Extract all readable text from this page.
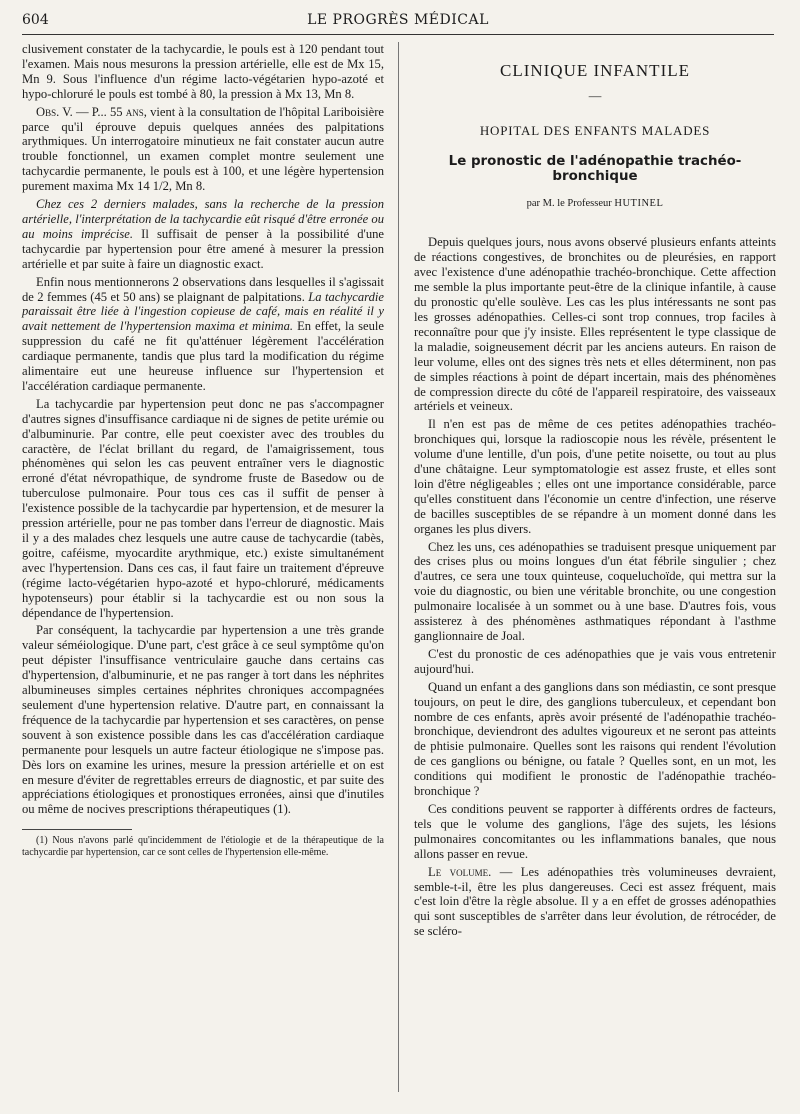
604	LE PROGRÈS MÉDICAL

clusivement constater de la tachycardie, le pouls est à 120 pendant tout l'examen. Mais nous mesurons la pression artérielle, elle est de Mx 15, Mn 9. Sous l'influence d'un régime lacto-végétarien hypo-azoté et hypo-chloruré le pouls est tombé à 80, la pression à Mx 13, Mn 8.

Obs. V. — P... 55 ans, vient à la consultation de l'hôpital Lariboisière parce qu'il éprouve depuis quelques années des palpitations arythmiques. Un interrogatoire minutieux ne fait constater aucun autre trouble fonctionnel, un examen complet montre seulement une tachycardie permanente, le pouls est à 100, et une légère hypertension purement maxima Mx 14 1/2, Mn 8.

Chez ces 2 derniers malades, sans la recherche de la pression artérielle, l'interprétation de la tachycardie eût risqué d'être erronée ou au moins imprécise. Il suffisait de penser à la possibilité d'une tachycardie par hypertension pour être amené à mesurer la pression artérielle et par suite à faire un diagnostic exact.

Enfin nous mentionnerons 2 observations dans lesquelles il s'agissait de 2 femmes (45 et 50 ans) se plaignant de palpitations. La tachycardie paraissait être liée à l'ingestion copieuse de café, mais en réalité il y avait nettement de l'hypertension maxima et minima. En effet, la seule suppression du café ne fit qu'atténuer légèrement l'accélération cardiaque permanente, tandis que plus tard la modification du régime alimentaire eut une heureuse influence sur l'hypertension et l'accélération cardiaque permanente.

La tachycardie par hypertension peut donc ne pas s'accompagner d'autres signes d'insuffisance cardiaque ni de signes de petite urémie ou d'albuminurie. Par contre, elle peut coexister avec des troubles du caractère, de l'éclat brillant du regard, de l'amaigrissement, tous phénomènes qui selon les cas peuvent entraîner vers le diagnostic erroné d'état névropathique, de syndrome fruste de Basedow ou de tuberculose pulmonaire. Pour tous ces cas il suffit de penser à l'existence possible de la tachycardie par hypertension, et de mesurer la pression artérielle, pour ne pas tomber dans l'erreur de diagnostic. Mais il y a des malades chez lesquels une autre cause de tachycardie (tabès, goitre, caféisme, myocardite arythmique, etc.) existe simultanément avec l'hypertension. Dans ces cas, il faut faire un traitement d'épreuve (régime lacto-végétarien hypo-azoté et hypo-chloruré, médicaments hypotenseurs) pour établir si la tachycardie est ou non sous la dépendance de l'hypertension.

Par conséquent, la tachycardie par hypertension a une très grande valeur séméiologique. D'une part, c'est grâce à ce seul symptôme qu'on peut dépister l'insuffisance ventriculaire gauche dans certains cas d'hypertension, d'albuminurie, et ne pas ranger à tort dans les néphrites albumineuses simples certaines néphrites chroniques accompagnées seulement d'une hypertension relative. D'autre part, en connaissant la fréquence de la tachycardie par hypertension et ses caractères, on pense souvent à son existence possible dans les cas d'accélération cardiaque permanente pour lesquels un autre facteur étiologique ne s'impose pas. Dès lors on examine les urines, mesure la pression artérielle et on est en mesure d'éviter de regrettables erreurs de diagnostic, et par suite des appréciations étiologiques et pronostiques erronées, ainsi que d'inutiles ou même de nocives prescriptions thérapeutiques (1).

(1) Nous n'avons parlé qu'incidemment de l'étiologie et de la thérapeutique de la tachycardie par hypertension, car ce sont celles de l'hypertension elle-même.

CLINIQUE INFANTILE

—

HOPITAL DES ENFANTS MALADES

Le pronostic de l'adénopathie trachéo-bronchique

par M. le Professeur HUTINEL

Depuis quelques jours, nous avons observé plusieurs enfants atteints de réactions congestives, de bronchites ou de pleurésies, en rapport avec l'existence d'une adénopathie trachéo-bronchique. Cette affection me semble la plus importante peut-être de la clinique infantile, à cause du pronostic qu'elle soulève. Les cas les plus intéressants ne sont pas les grosses adénopathies. Celles-ci sont trop connues, trop faciles à reconnaître pour que j'y insiste. Elles représentent le type classique de la maladie, soigneusement décrit par les anciens auteurs. En raison de leur volume, elles ont des signes très nets et elles déterminent, non pas de simples réactions à point de départ incertain, mais des phénomènes de compression directe du côté de l'appareil respiratoire, des vaisseaux artériels et veineux.

Il n'en est pas de même de ces petites adénopathies trachéo-bronchiques qui, lorsque la radioscopie nous les révèle, présentent le volume d'une lentille, d'un pois, d'une petite noisette, ou tout au plus d'une châtaigne. Leur symptomatologie est assez fruste, et elles sont loin d'être négligeables ; elles ont une importance considérable, parce qu'elles constituent dans l'économie un centre d'infection, une réserve de bacilles susceptibles de se répandre à un moment donné dans les organes les plus divers.

Chez les uns, ces adénopathies se traduisent presque uniquement par des crises plus ou moins longues d'un état fébrile singulier ; chez d'autres, ce sera une toux quinteuse, coqueluchoïde, qui mettra sur la voie du diagnostic, ou bien une véritable bronchite, ou une congestion pulmonaire localisée à un sommet ou à une base. D'autres fois, vous assisterez à des phénomènes asthmatiques répondant à l'asthme ganglionnaire de Joal.

C'est du pronostic de ces adénopathies que je vais vous entretenir aujourd'hui.

Quand un enfant a des ganglions dans son médiastin, ce sont presque toujours, on peut le dire, des ganglions tuberculeux, et cependant bon nombre de ces enfants, après avoir présenté de l'adénopathie trachéo-bronchique, deviendront des adultes vigoureux et ne seront pas atteints de phtisie pulmonaire. Quelles sont les raisons qui rendent l'évolution de ces ganglions ou bénigne, ou fatale ? Quelles sont, en un mot, les conditions qui modifient le pronostic de l'adénopathie trachéo-bronchique ?

Ces conditions peuvent se rapporter à différents ordres de facteurs, tels que le volume des ganglions, l'âge des sujets, les lésions pulmonaires concomitantes ou les inflammations banales, que nous allons passer en revue.

Le volume. — Les adénopathies très volumineuses devraient, semble-t-il, être les plus dangereuses. Ceci est assez fréquent, mais c'est loin d'être la règle absolue. Il y a en effet de grosses adénopathies qui sont susceptibles de s'arrêter dans leur évolution, de rétrocéder, de se scléro-
